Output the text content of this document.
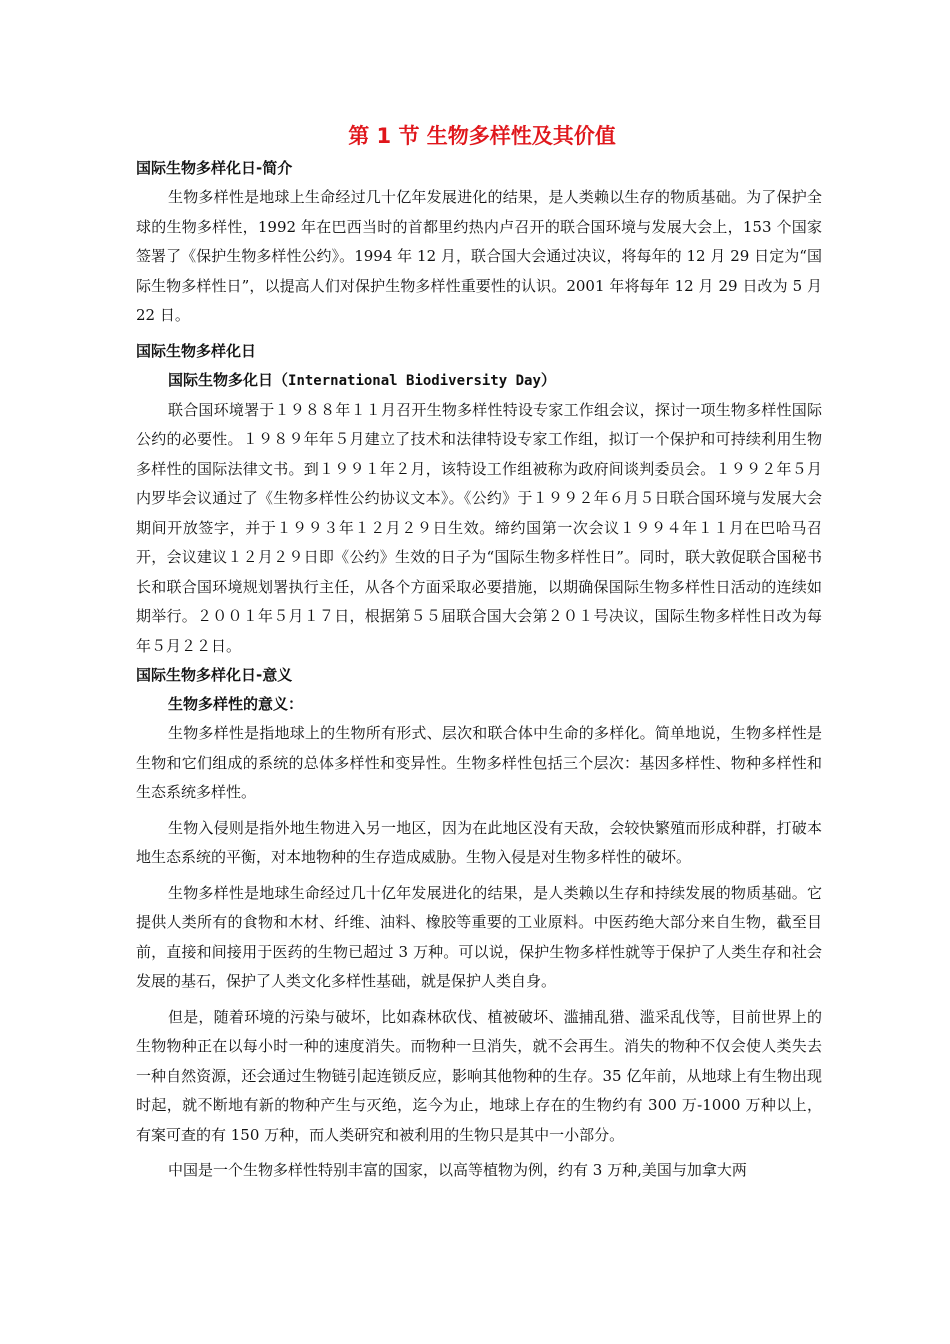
第 1 节 生物多样性及其价值
国际生物多样化日-简介

生物多样性是地球上生命经过几十亿年发展进化的结果，是人类赖以生存的物质基础。为了保护全球的生物多样性，1992 年在巴西当时的首都里约热内卢召开的联合国环境与发展大会上，153 个国家签署了《保护生物多样性公约》。1994 年 12 月，联合国大会通过决议，将每年的 12 月 29 日定为“国际生物多样性日”，以提高人们对保护生物多样性重要性的认识。2001 年将每年 12 月 29 日改为 5 月 22 日。

国际生物多样化日
国际生物多化日（International Biodiversity Day）

联合国环境署于１９８８年１１月召开生物多样性特设专家工作组会议，探讨一项生物多样性国际公约的必要性。１９８９年年５月建立了技术和法律特设专家工作组，拟订一个保护和可持续利用生物多样性的国际法律文书。到１９９１年２月，该特设工作组被称为政府间谈判委员会。１９９２年５月内罗毕会议通过了《生物多样性公约协议文本》。《公约》于１９９２年６月５日联合国环境与发展大会期间开放签字，并于１９９３年１２月２９日生效。缔约国第一次会议１９９４年１１月在巴哈马召开，会议建议１２月２９日即《公约》生效的日子为“国际生物多样性日”。同时，联大敦促联合国秘书长和联合国环境规划署执行主任，从各个方面采取必要措施，以期确保国际生物多样性日活动的连续如期举行。２００１年５月１７日，根据第５５届联合国大会第２０１号决议，国际生物多样性日改为每年５月２２日。

国际生物多样化日-意义
生物多样性的意义：

生物多样性是指地球上的生物所有形式、层次和联合体中生命的多样化。简单地说，生物多样性是生物和它们组成的系统的总体多样性和变异性。生物多样性包括三个层次：基因多样性、物种多样性和生态系统多样性。

生物入侵则是指外地生物进入另一地区，因为在此地区没有天敌，会较快繁殖而形成种群，打破本地生态系统的平衡，对本地物种的生存造成威胁。生物入侵是对生物多样性的破坏。

生物多样性是地球生命经过几十亿年发展进化的结果，是人类赖以生存和持续发展的物质基础。它提供人类所有的食物和木材、纤维、油料、橡胶等重要的工业原料。中医药绝大部分来自生物，截至目前，直接和间接用于医药的生物已超过 3 万种。可以说，保护生物多样性就等于保护了人类生存和社会发展的基石，保护了人类文化多样性基础，就是保护人类自身。

但是，随着环境的污染与破坏，比如森林砍伐、植被破坏、滥捕乱猎、滥采乱伐等，目前世界上的生物物种正在以每小时一种的速度消失。而物种一旦消失，就不会再生。消失的物种不仅会使人类失去一种自然资源，还会通过生物链引起连锁反应，影响其他物种的生存。35 亿年前，从地球上有生物出现时起，就不断地有新的物种产生与灭绝，迄今为止，地球上存在的生物约有 300 万-1000 万种以上，有案可查的有 150 万种，而人类研究和被利用的生物只是其中一小部分。

中国是一个生物多样性特别丰富的国家，以高等植物为例，约有 3 万种,美国与加拿大两
